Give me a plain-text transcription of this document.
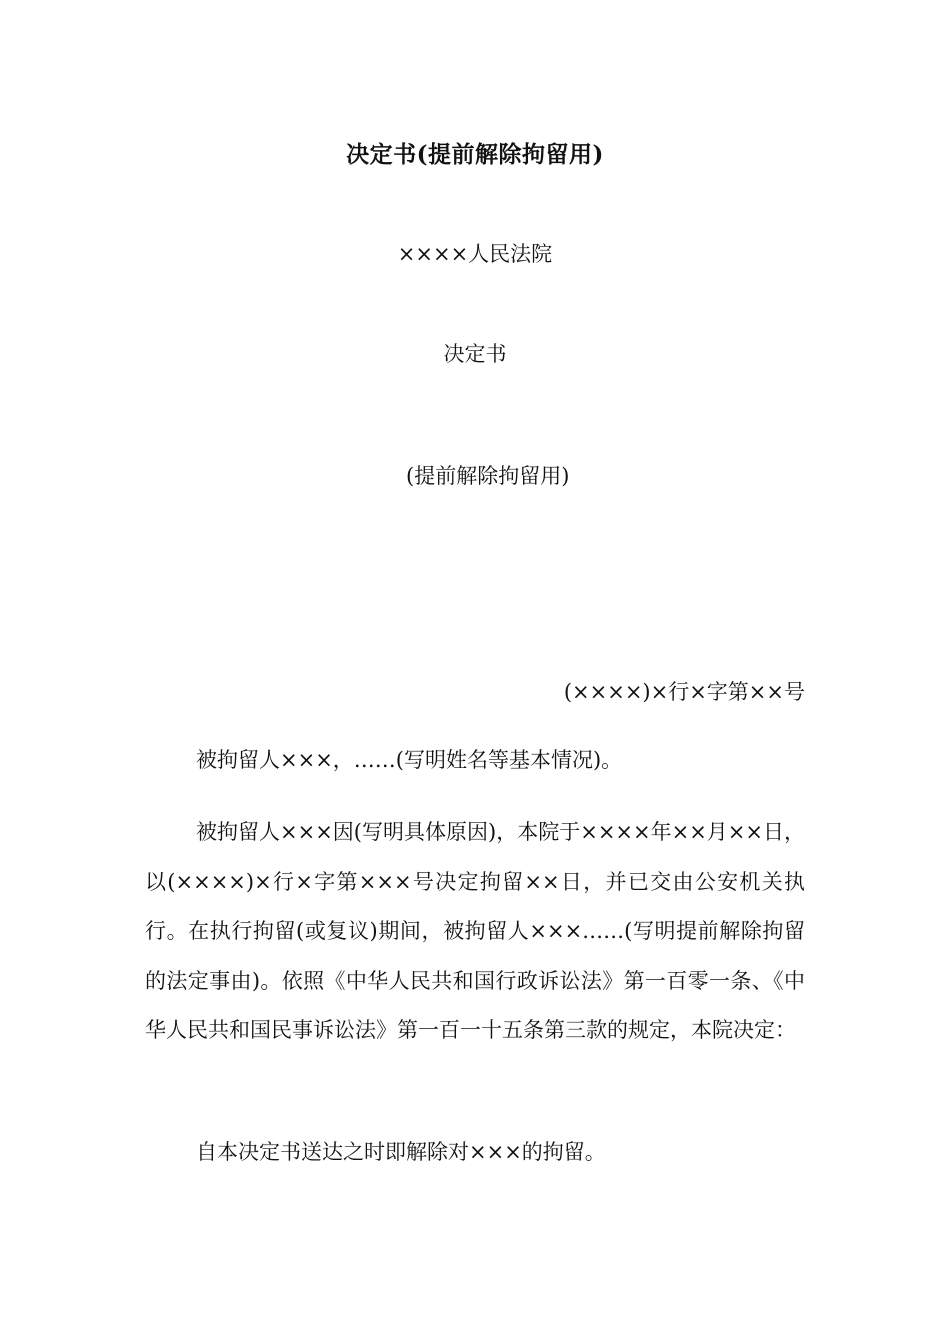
决定书(提前解除拘留用)
××××人民法院
决定书
(提前解除拘留用)
(××××)×行×字第××号

被拘留人×××，……(写明姓名等基本情况)。

被拘留人×××因(写明具体原因)，本院于××××年××月××日，以(××××)×行×字第×××号决定拘留××日，并已交由公安机关执行。在执行拘留(或复议)期间，被拘留人×××……(写明提前解除拘留的法定事由)。依照《中华人民共和国行政诉讼法》第一百零一条、《中华人民共和国民事诉讼法》第一百一十五条第三款的规定，本院决定：

自本决定书送达之时即解除对×××的拘留。
